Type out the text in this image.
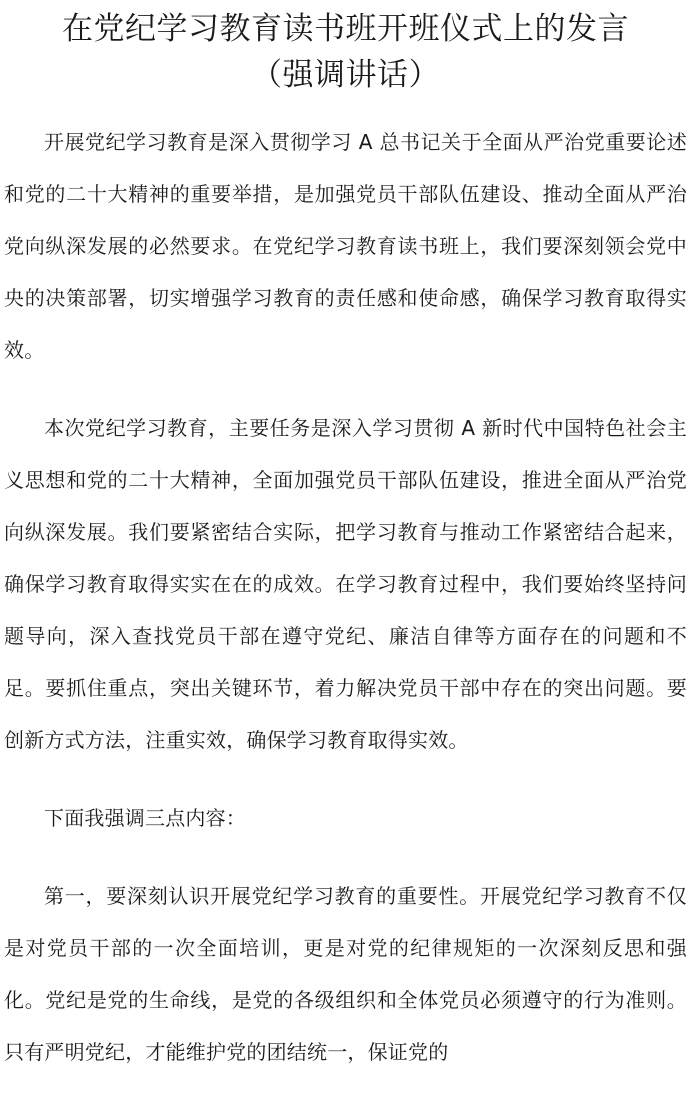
在党纪学习教育读书班开班仪式上的发言
（强调讲话）

开展党纪学习教育是深入贯彻学习 A 总书记关于全面从严治党重要论述和党的二十大精神的重要举措，是加强党员干部队伍建设、推动全面从严治党向纵深发展的必然要求。在党纪学习教育读书班上，我们要深刻领会党中央的决策部署，切实增强学习教育的责任感和使命感，确保学习教育取得实效。

本次党纪学习教育，主要任务是深入学习贯彻 A 新时代中国特色社会主义思想和党的二十大精神，全面加强党员干部队伍建设，推进全面从严治党向纵深发展。我们要紧密结合实际，把学习教育与推动工作紧密结合起来，确保学习教育取得实实在在的成效。在学习教育过程中，我们要始终坚持问题导向，深入查找党员干部在遵守党纪、廉洁自律等方面存在的问题和不足。要抓住重点，突出关键环节，着力解决党员干部中存在的突出问题。要创新方式方法，注重实效，确保学习教育取得实效。

下面我强调三点内容：

第一，要深刻认识开展党纪学习教育的重要性。开展党纪学习教育不仅是对党员干部的一次全面培训，更是对党的纪律规矩的一次深刻反思和强化。党纪是党的生命线，是党的各级组织和全体党员必须遵守的行为准则。只有严明党纪，才能维护党的团结统一，保证党的
